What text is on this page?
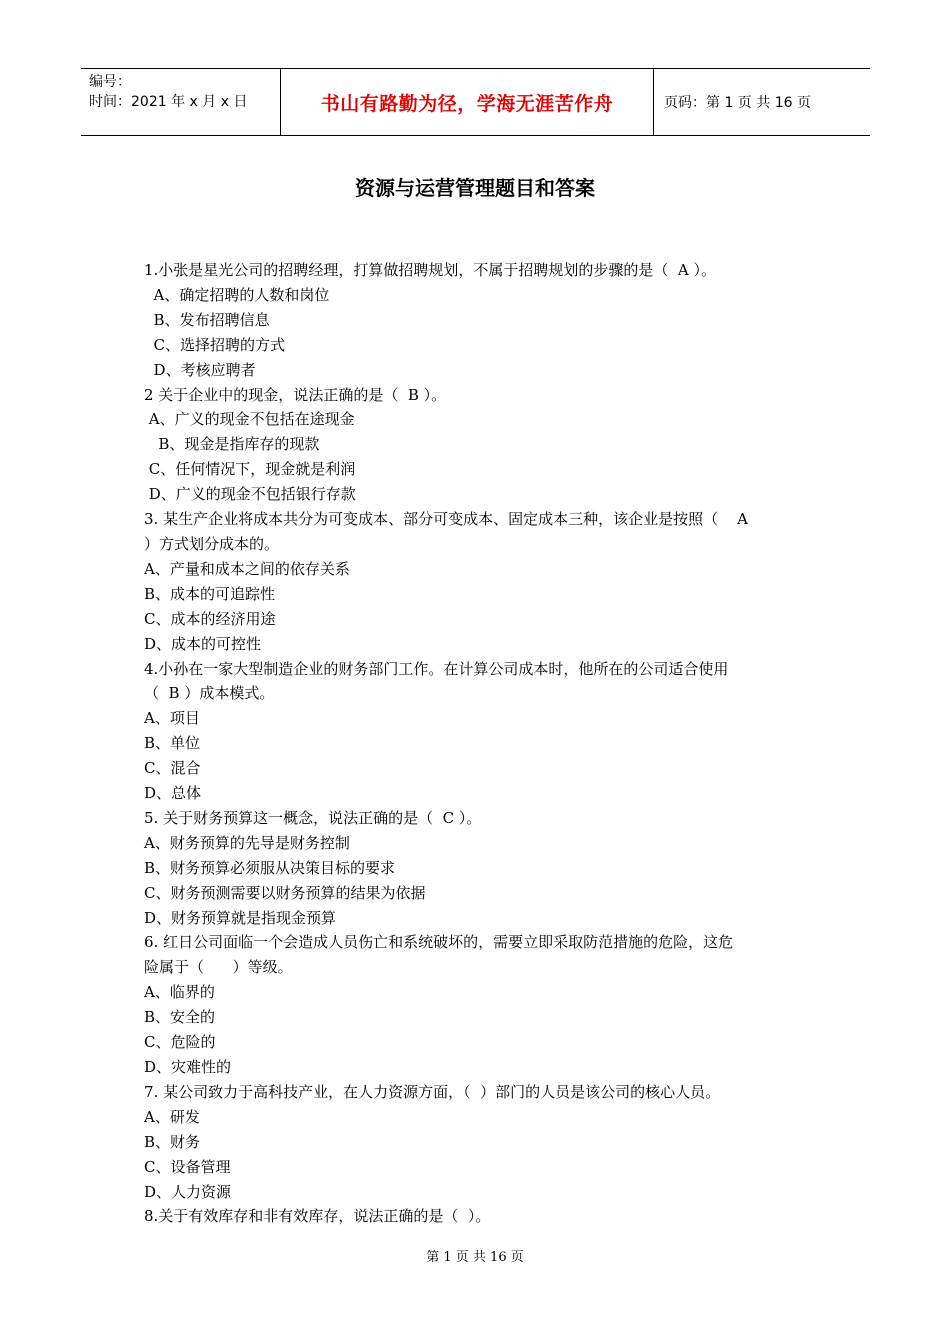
编号：
时间：2021 年 x 月 x 日	书山有路勤为径，学海无涯苦作舟	页码：第 1 页 共 16 页
资源与运营管理题目和答案
1.小张是星光公司的招聘经理，打算做招聘规划，不属于招聘规划的步骤的是（  A ）。
A、确定招聘的人数和岗位
B、发布招聘信息
C、选择招聘的方式
D、考核应聘者
2 关于企业中的现金，说法正确的是（  B ）。
A、广义的现金不包括在途现金
B、现金是指库存的现款
C、任何情况下，现金就是利润
D、广义的现金不包括银行存款
3. 某生产企业将成本共分为可变成本、部分可变成本、固定成本三种，该企业是按照（    A
）方式划分成本的。
A、产量和成本之间的依存关系
B、成本的可追踪性
C、成本的经济用途
D、成本的可控性
4.小孙在一家大型制造企业的财务部门工作。在计算公司成本时，他所在的公司适合使用
（  B ）成本模式。
A、项目
B、单位
C、混合
D、总体
5. 关于财务预算这一概念，说法正确的是（  C ）。
A、财务预算的先导是财务控制
B、财务预算必须服从决策目标的要求
C、财务预测需要以财务预算的结果为依据
D、财务预算就是指现金预算
6. 红日公司面临一个会造成人员伤亡和系统破坏的，需要立即采取防范措施的危险，这危
险属于（      ）等级。
A、临界的
B、安全的
C、危险的
D、灾难性的
7. 某公司致力于高科技产业，在人力资源方面，（  ）部门的人员是该公司的核心人员。
A、研发
B、财务
C、设备管理
D、人力资源
8.关于有效库存和非有效库存，说法正确的是（  ）。
第 1 页 共 16 页
